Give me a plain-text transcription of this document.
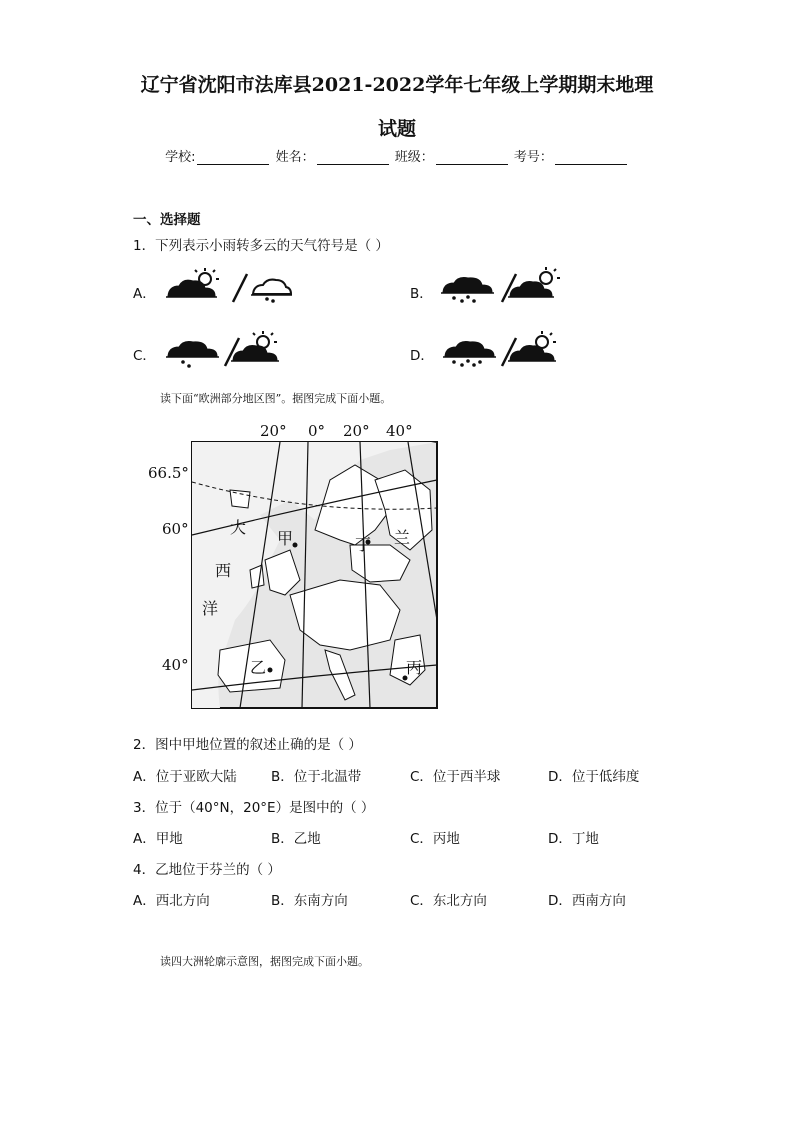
辽宁省沈阳市法库县2021-2022学年七年级上学期期末地理
试题
学校:	姓名：	班级：	考号：
一、选择题
1．下列表示小雨转多云的天气符号是（ ）
A．	B．
C．	D．
读下面“欧洲部分地区图”。据图完成下面小题。
20° 0° 20° 40°
66.5°
60°
40°
大
西
洋
甲	丁 兰
乙	丙
2．图中甲地位置的叙述止确的是（ ）
A．位于亚欧大陆	B．位于北温带	C．位于西半球	D．位于低纬度
3．位于（40°N，20°E）是图中的（ ）
A．甲地	B．乙地	C．丙地	D．丁地
4．乙地位于芬兰的（ ）
A．西北方向	B．东南方向	C．东北方向	D．西南方向
读四大洲轮廓示意图，据图完成下面小题。
